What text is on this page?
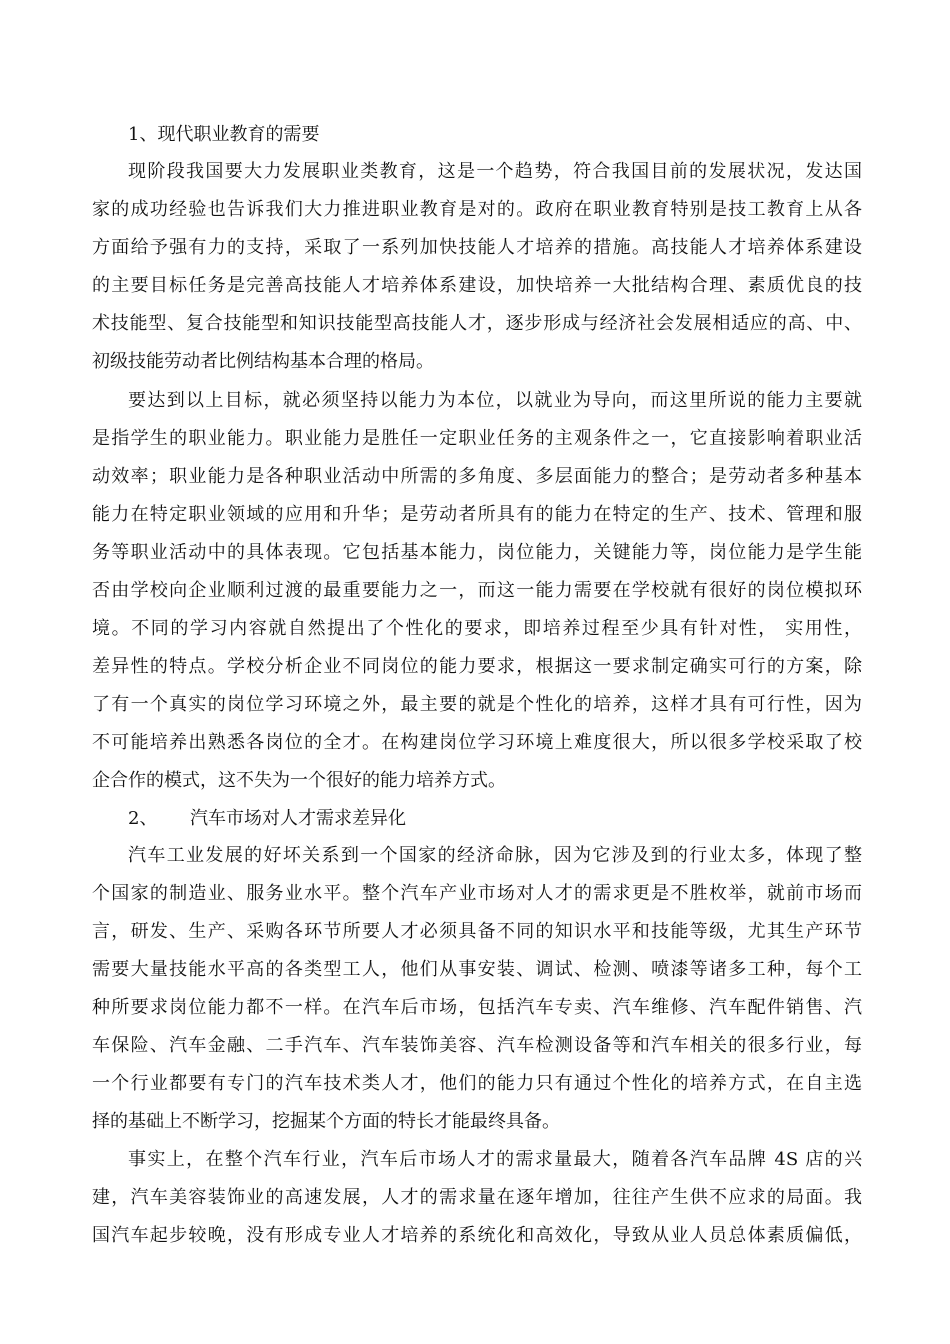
1、现代职业教育的需要
现阶段我国要大力发展职业类教育，这是一个趋势，符合我国目前的发展状况，发达国
家的成功经验也告诉我们大力推进职业教育是对的。政府在职业教育特别是技工教育上从各
方面给予强有力的支持，采取了一系列加快技能人才培养的措施。高技能人才培养体系建设
的主要目标任务是完善高技能人才培养体系建设，加快培养一大批结构合理、素质优良的技
术技能型、复合技能型和知识技能型高技能人才，逐步形成与经济社会发展相适应的高、中、
初级技能劳动者比例结构基本合理的格局。
要达到以上目标，就必须坚持以能力为本位，以就业为导向，而这里所说的能力主要就
是指学生的职业能力。职业能力是胜任一定职业任务的主观条件之一，它直接影响着职业活
动效率；职业能力是各种职业活动中所需的多角度、多层面能力的整合；是劳动者多种基本
能力在特定职业领域的应用和升华；是劳动者所具有的能力在特定的生产、技术、管理和服
务等职业活动中的具体表现。它包括基本能力，岗位能力，关键能力等，岗位能力是学生能
否由学校向企业顺利过渡的最重要能力之一，而这一能力需要在学校就有很好的岗位模拟环
境。不同的学习内容就自然提出了个性化的要求，即培养过程至少具有针对性， 实用性，
差异性的特点。学校分析企业不同岗位的能力要求，根据这一要求制定确实可行的方案，除
了有一个真实的岗位学习环境之外，最主要的就是个性化的培养，这样才具有可行性，因为
不可能培养出熟悉各岗位的全才。在构建岗位学习环境上难度很大，所以很多学校采取了校
企合作的模式，这不失为一个很好的能力培养方式。
2、 汽车市场对人才需求差异化
汽车工业发展的好坏关系到一个国家的经济命脉，因为它涉及到的行业太多，体现了整
个国家的制造业、服务业水平。整个汽车产业市场对人才的需求更是不胜枚举，就前市场而
言，研发、生产、采购各环节所要人才必须具备不同的知识水平和技能等级，尤其生产环节
需要大量技能水平高的各类型工人，他们从事安装、调试、检测、喷漆等诸多工种，每个工
种所要求岗位能力都不一样。在汽车后市场，包括汽车专卖、汽车维修、汽车配件销售、汽
车保险、汽车金融、二手汽车、汽车装饰美容、汽车检测设备等和汽车相关的很多行业，每
一个行业都要有专门的汽车技术类人才，他们的能力只有通过个性化的培养方式，在自主选
择的基础上不断学习，挖掘某个方面的特长才能最终具备。
事实上，在整个汽车行业，汽车后市场人才的需求量最大，随着各汽车品牌 4S 店的兴
建，汽车美容装饰业的高速发展，人才的需求量在逐年增加，往往产生供不应求的局面。我
国汽车起步较晚，没有形成专业人才培养的系统化和高效化，导致从业人员总体素质偏低，
